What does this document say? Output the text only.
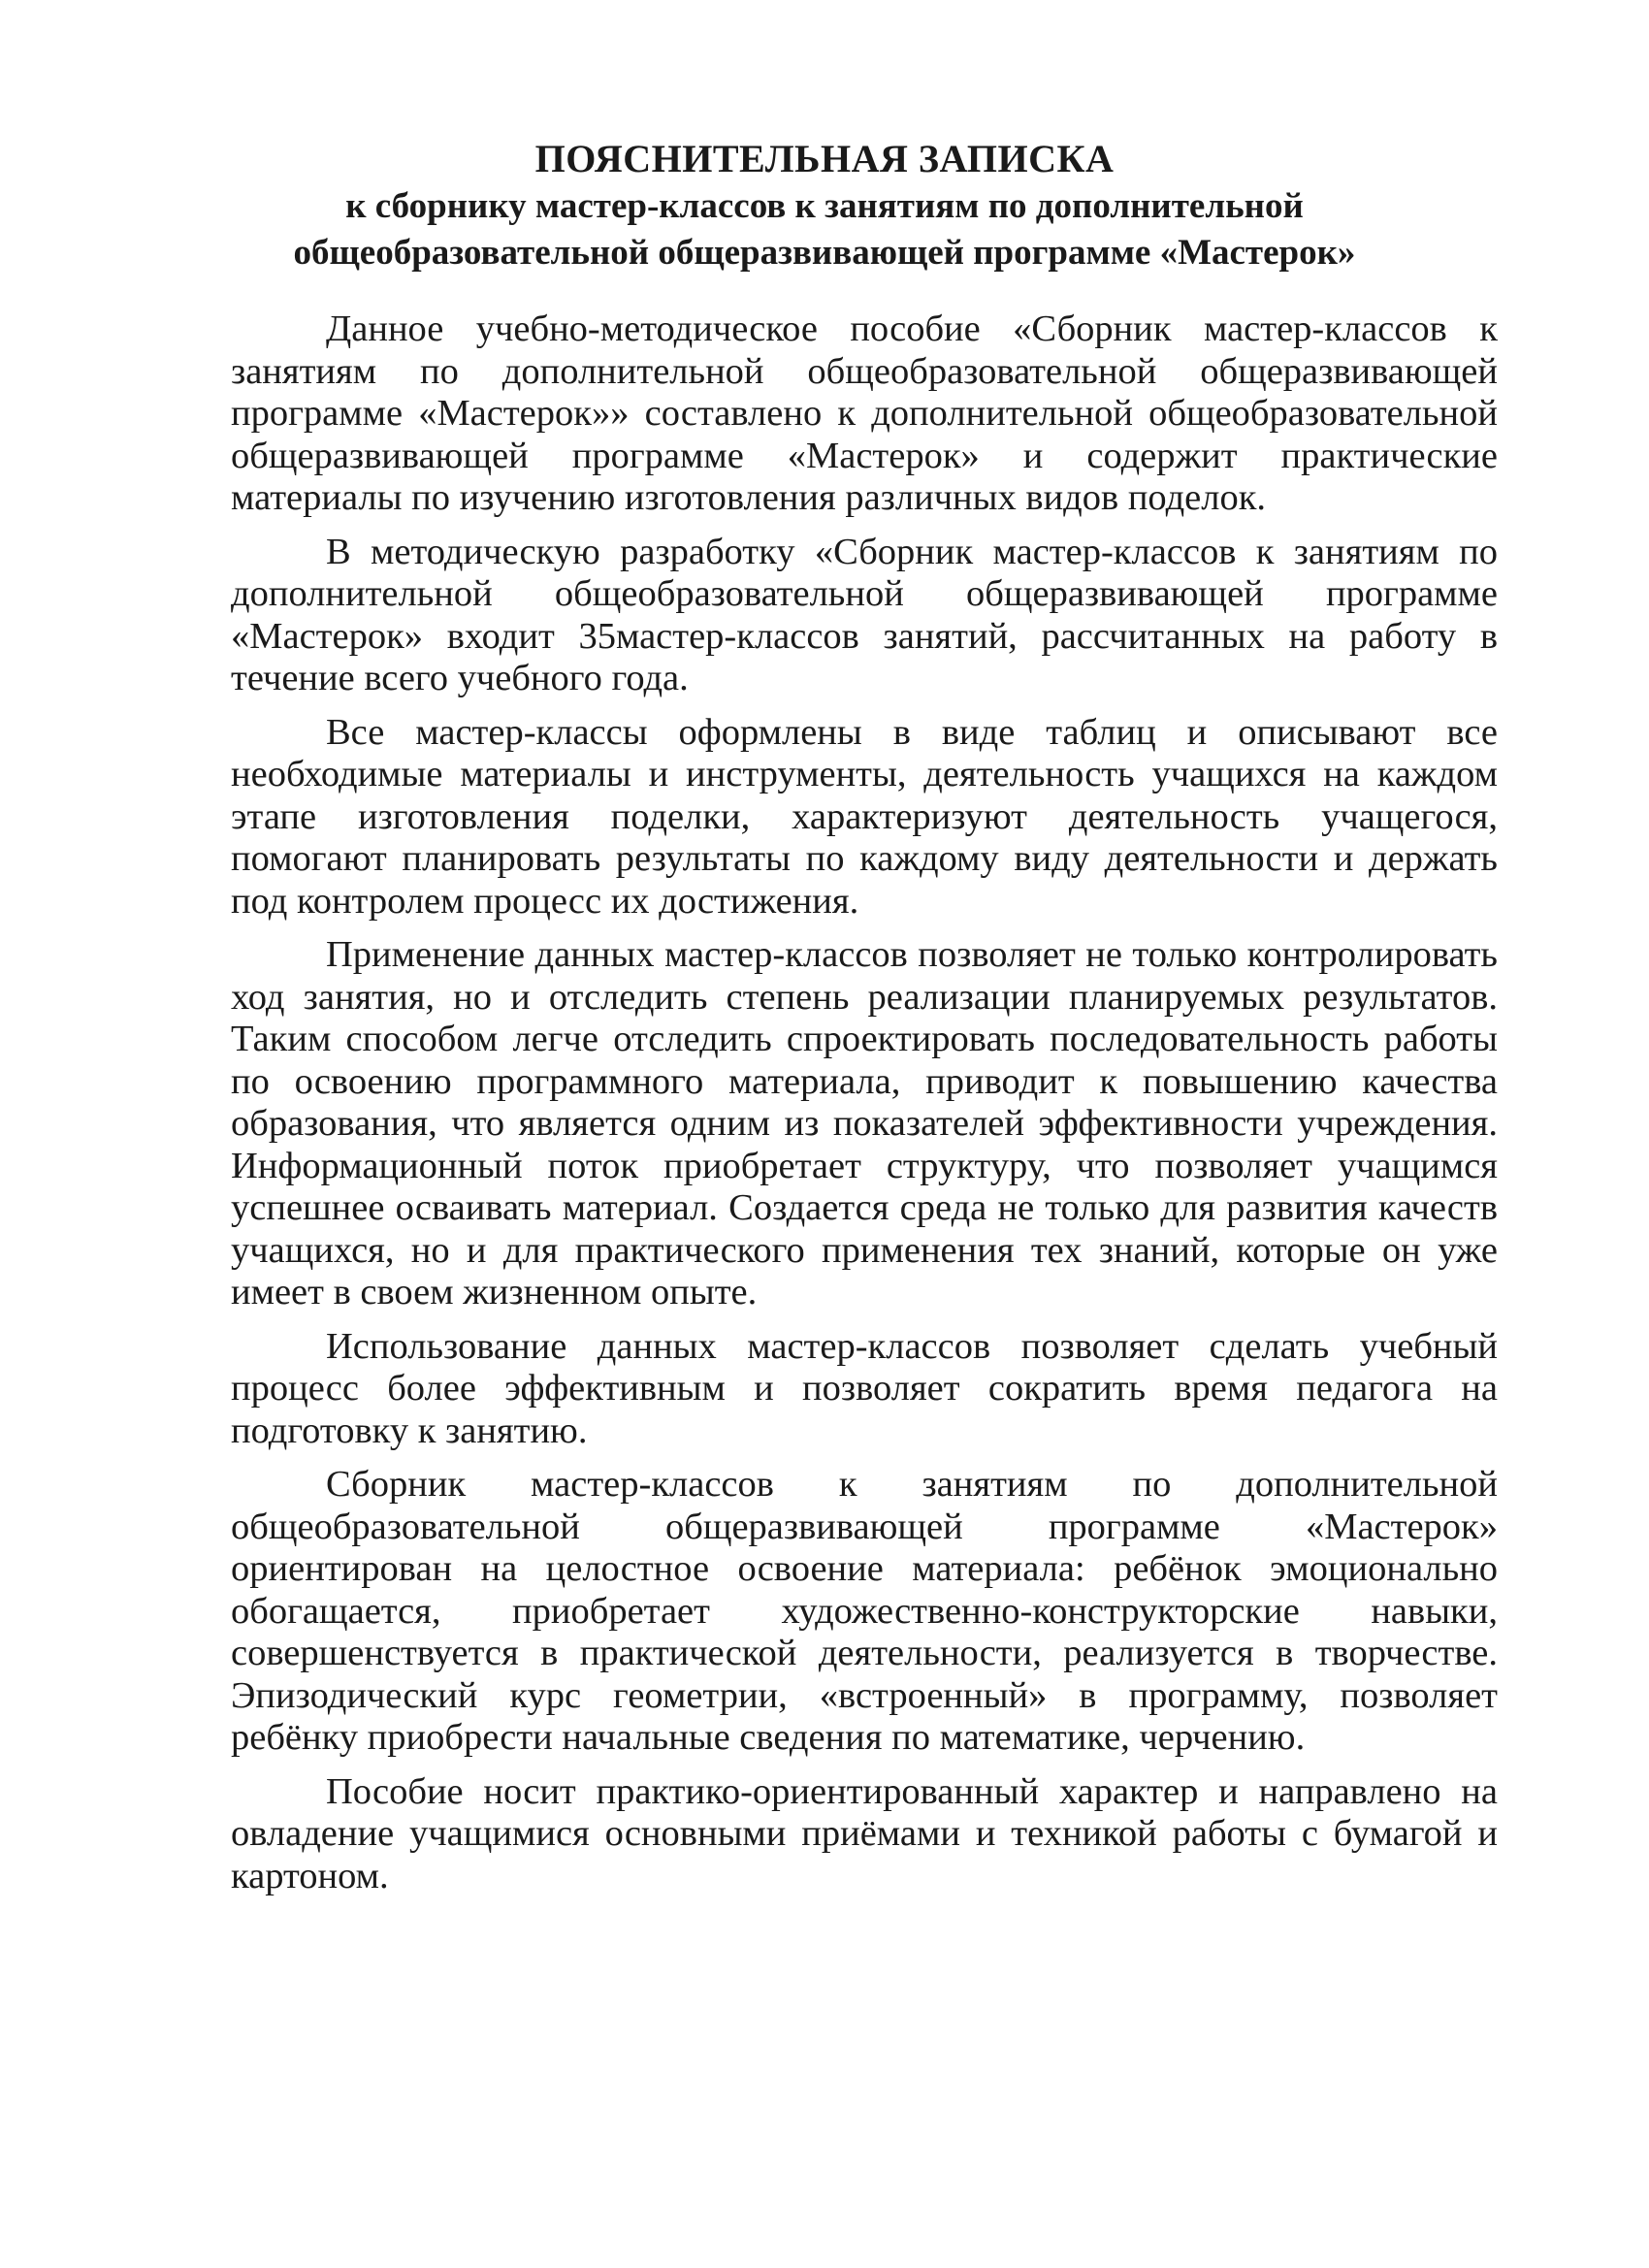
ПОЯСНИТЕЛЬНАЯ ЗАПИСКА
к сборнику мастер-классов к занятиям по дополнительной
общеобразовательной общеразвивающей программе «Мастерок»

Данное учебно-методическое пособие «Сборник мастер-классов к занятиям по дополнительной общеобразовательной общеразвивающей программе «Мастерок»» составлено к дополнительной общеобразовательной общеразвивающей программе «Мастерок» и содержит практические материалы по изучению изготовления различных видов поделок.

В методическую разработку «Сборник мастер-классов к занятиям по дополнительной общеобразовательной общеразвивающей программе «Мастерок» входит 35мастер-классов занятий, рассчитанных на работу в течение всего учебного года.

Все мастер-классы оформлены в виде таблиц и описывают все необходимые материалы и инструменты, деятельность учащихся на каждом этапе изготовления поделки, характеризуют деятельность учащегося, помогают планировать результаты по каждому виду деятельности и держать под контролем процесс их достижения.

Применение данных мастер-классов позволяет не только контролировать ход занятия, но и отследить степень реализации планируемых результатов. Таким способом легче отследить спроектировать последовательность работы по освоению программного материала, приводит к повышению качества образования, что является одним из показателей эффективности учреждения. Информационный поток приобретает структуру, что позволяет учащимся успешнее осваивать материал. Создается среда не только для развития качеств учащихся, но и для практического применения тех знаний, которые он уже имеет в своем жизненном опыте.

Использование данных мастер-классов позволяет сделать учебный процесс более эффективным и позволяет сократить время педагога на подготовку к занятию.

Сборник мастер-классов к занятиям по дополнительной общеобразовательной общеразвивающей программе «Мастерок» ориентирован на целостное освоение материала: ребёнок эмоционально обогащается, приобретает художественно-конструкторские навыки, совершенствуется в практической деятельности, реализуется в творчестве. Эпизодический курс геометрии, «встроенный» в программу, позволяет ребёнку приобрести начальные сведения по математике, черчению.

Пособие носит практико-ориентированный характер и направлено на овладение учащимися основными приёмами и техникой работы с бумагой и картоном.
